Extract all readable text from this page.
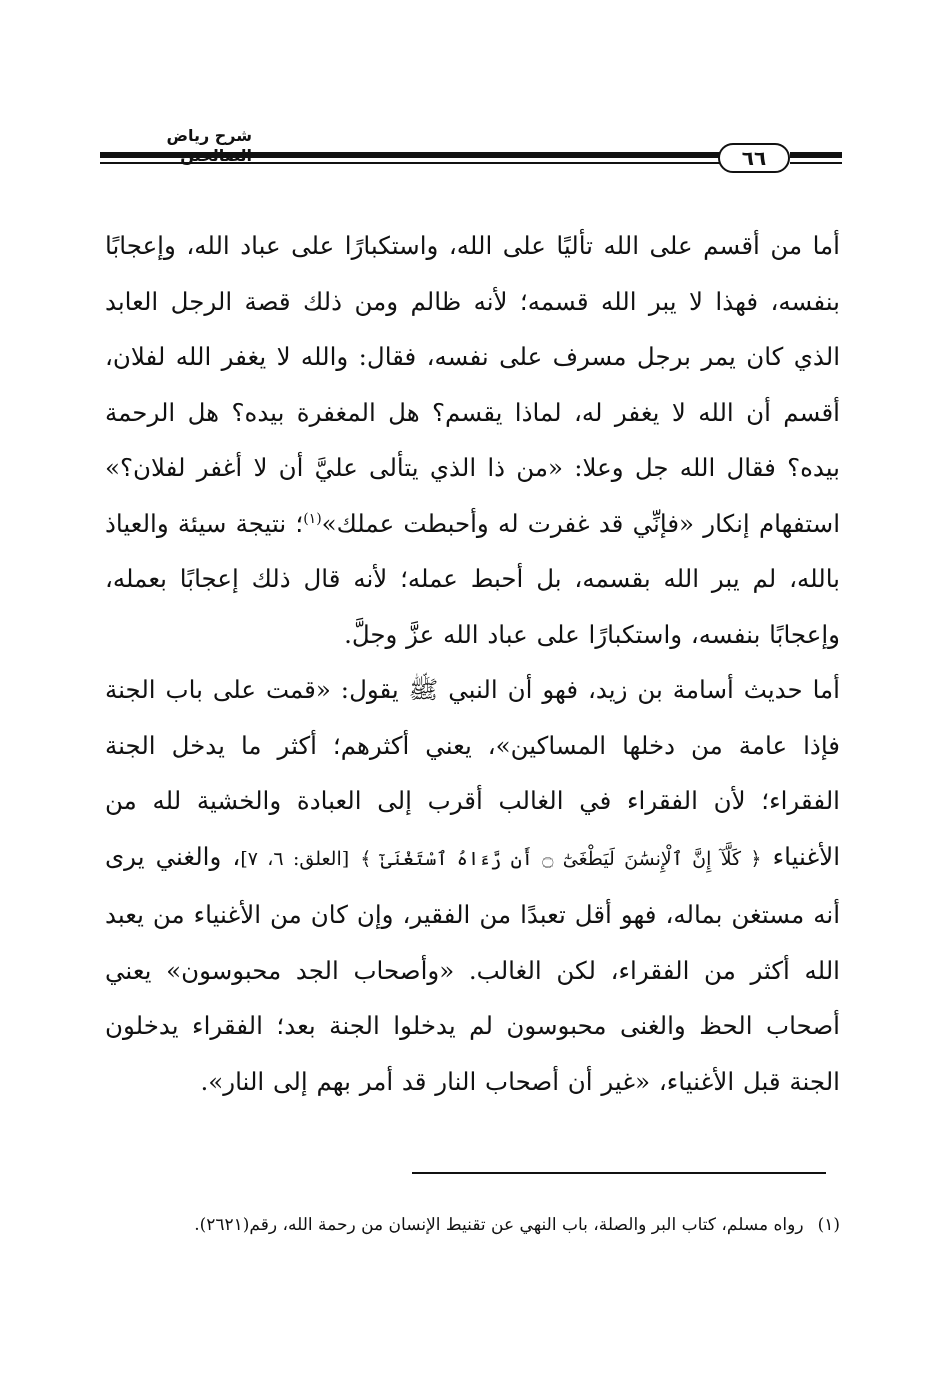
شرح رياض
٦٦

أما من أقسم على الله تأليًا على الله، واستكبارًا على عباد الله، وإعجابًا بنفسه، فهذا لا يبر الله قسمه؛ لأنه ظالم ومن ذلك قصة الرجل العابد الذي كان يمر برجل مسرف على نفسه، فقال: والله لا يغفر الله لفلان، أقسم أن الله لا يغفر له، لماذا يقسم؟ هل المغفرة بيده؟ هل الرحمة بيده؟ فقال الله جل وعلا: «من ذا الذي يتألى عليَّ أن لا أغفر لفلان؟» استفهام إنكار «فإنِّي قد غفرت له وأحبطت عملك»$^{(١)}$؛ نتيجة سيئة والعياذ بالله، لم يبر الله بقسمه، بل أحبط عمله؛ لأنه قال ذلك إعجابًا بعمله، وإعجابًا بنفسه، واستكبارًا على عباد الله عزَّ وجلَّ.

أما حديث أسامة بن زيد، فهو أن النبي ﷺ يقول: «قمت على باب الجنة فإذا عامة من دخلها المساكين»، يعني أكثرهم؛ أكثر ما يدخل الجنة الفقراء؛ لأن الفقراء في الغالب أقرب إلى العبادة والخشية لله من الأغنياء ﴿ كَلَّآ إِنَّ ٱلْإِنسَٰنَ لَيَطْغَىٰٓ ۝ أَن رَّءَاهُ ٱسْتَغْنَىٰٓ ﴾ [العلق: ٦، ٧]، والغني يرى أنه مستغن بماله، فهو أقل تعبدًا من الفقير، وإن كان من الأغنياء من يعبد الله أكثر من الفقراء، لكن الغالب. «وأصحاب الجد محبوسون» يعني أصحاب الحظ والغنى محبوسون لم يدخلوا الجنة بعد؛ الفقراء يدخلون الجنة قبل الأغنياء، «غير أن أصحاب النار قد أمر بهم إلى النار».

(١)رواه مسلم، كتاب البر والصلة، باب النهي عن تقنيط الإنسان من رحمة الله، رقم(٢٦٢١).
